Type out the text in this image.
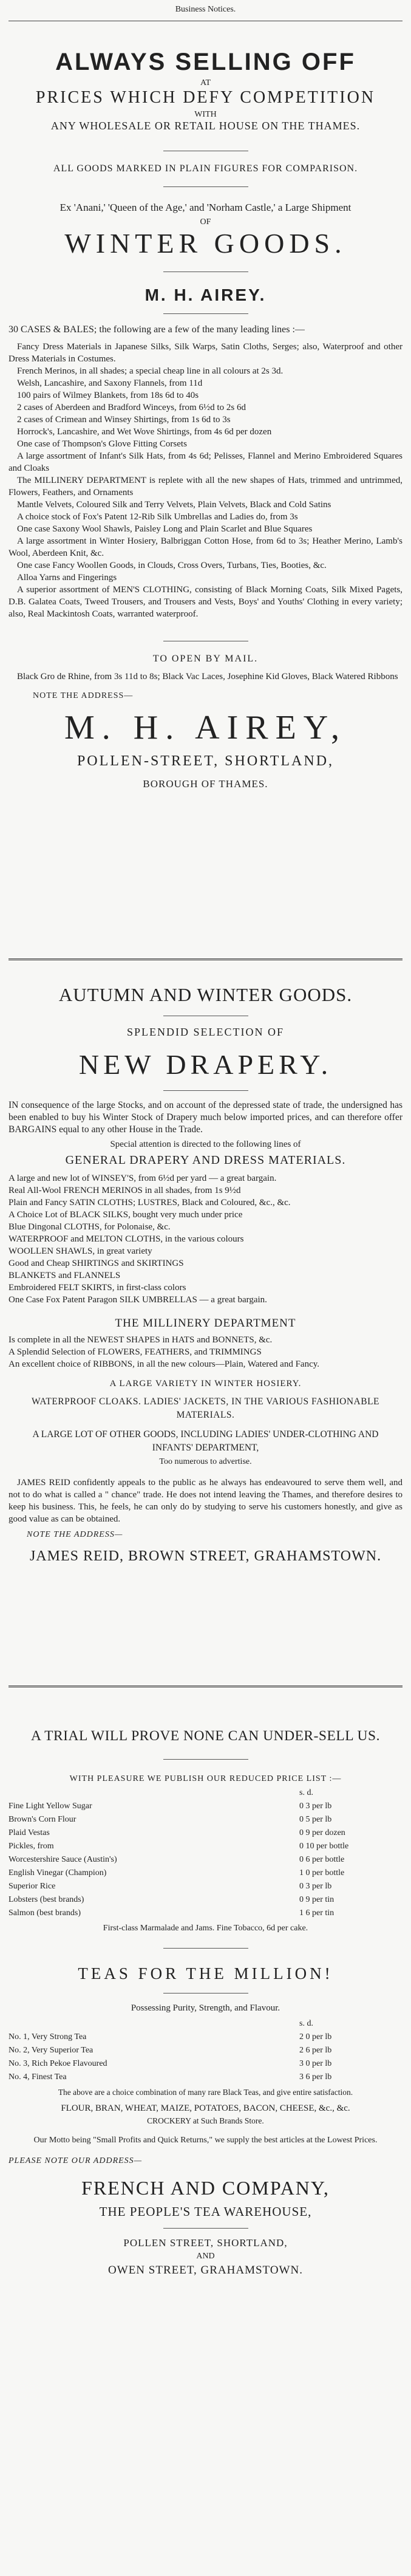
Business Notices.
ALWAYS SELLING OFF
AT
PRICES WHICH DEFY COMPETITION
WITH
ANY WHOLESALE OR RETAIL HOUSE ON THE THAMES.
ALL GOODS MARKED IN PLAIN FIGURES FOR COMPARISON.
Ex 'Anani,' 'Queen of the Age,' and 'Norham Castle,' a Large Shipment
OF
WINTER GOODS.
M. H. AIREY.
30 CASES & BALES; the following are a few of the many leading lines :—
Fancy Dress Materials in Japanese Silks, Silk Warps, Satin Cloths, Serges; also, Waterproof and other Dress Materials in Costumes.
French Merinos, in all shades; a special cheap line in all colours at 2s 3d.
Welsh, Lancashire, and Saxony Flannels, from 11d
100 pairs of Wilmey Blankets, from 18s 6d to 40s
2 cases of Aberdeen and Bradford Winceys, from 6½d to 2s 6d
2 cases of Crimean and Winsey Shirtings, from 1s 6d to 3s
Horrock's, Lancashire, and Wet Wove Shirtings, from 4s 6d per dozen
One case of Thompson's Glove Fitting Corsets
A large assortment of Infant's Silk Hats, from 4s 6d; Pelisses, Flannel and Merino Embroidered Squares and Cloaks
The MILLINERY DEPARTMENT is replete with all the new shapes of Hats, trimmed and untrimmed, Flowers, Feathers, and Ornaments
Mantle Velvets, Coloured Silk and Terry Velvets, Plain Velvets, Black and Cold Satins
A choice stock of Fox's Patent 12-Rib Silk Umbrellas and Ladies do, from 3s
One case Saxony Wool Shawls, Paisley Long and Plain Scarlet and Blue Squares
A large assortment in Winter Hosiery, Balbriggan Cotton Hose, from 6d to 3s; Heather Merino, Lamb's Wool, Aberdeen Knit, &c.
One case Fancy Woollen Goods, in Clouds, Cross Overs, Turbans, Ties, Booties, &c.
Alloa Yarns and Fingerings
A superior assortment of MEN'S CLOTHING, consisting of Black Morning Coats, Silk Mixed Pagets, D.B. Galatea Coats, Tweed Trousers, and Trousers and Vests, Boys' and Youths' Clothing in every variety; also, Real Mackintosh Coats, warranted waterproof.
TO OPEN BY MAIL.
Black Gro de Rhine, from 3s 11d to 8s; Black Vac Laces, Josephine Kid Gloves, Black Watered Ribbons
NOTE THE ADDRESS—
M. H. AIREY,
POLLEN-STREET, SHORTLAND,
BOROUGH OF THAMES.
AUTUMN AND WINTER GOODS.
SPLENDID SELECTION OF
NEW DRAPERY.
IN consequence of the large Stocks, and on account of the depressed state of trade, the undersigned has been enabled to buy his Winter Stock of Drapery much below imported prices, and can therefore offer BARGAINS equal to any other House in the Trade.
Special attention is directed to the following lines of
GENERAL DRAPERY AND DRESS MATERIALS.
A large and new lot of WINSEY'S, from 6½d per yard — a great bargain.
Real All-Wool FRENCH MERINOS in all shades, from 1s 9½d
Plain and Fancy SATIN CLOTHS; LUSTRES, Black and Coloured, &c., &c.
A Choice Lot of BLACK SILKS, bought very much under price
Blue Dingonal CLOTHS, for Polonaise, &c.
WATERPROOF and MELTON CLOTHS, in the various colours
WOOLLEN SHAWLS, in great variety
Good and Cheap SHIRTINGS and SKIRTINGS
BLANKETS and FLANNELS
Embroidered FELT SKIRTS, in first-class colors
One Case Fox Patent Paragon SILK UMBRELLAS — a great bargain.
THE MILLINERY DEPARTMENT
Is complete in all the NEWEST SHAPES in HATS and BONNETS, &c.
A Splendid Selection of FLOWERS, FEATHERS, and TRIMMINGS
An excellent choice of RIBBONS, in all the new colours—Plain, Watered and Fancy.
A LARGE VARIETY IN WINTER HOSIERY.
WATERPROOF CLOAKS. LADIES' JACKETS, IN THE VARIOUS FASHIONABLE MATERIALS.
A LARGE LOT OF OTHER GOODS, INCLUDING LADIES' UNDER-CLOTHING AND INFANTS' DEPARTMENT,
Too numerous to advertise.
JAMES REID confidently appeals to the public as he always has endeavoured to serve them well, and not to do what is called a " chance" trade. He does not intend leaving the Thames, and therefore desires to keep his business. This, he feels, he can only do by studying to serve his customers honestly, and give as good value as can be obtained.
NOTE THE ADDRESS—
JAMES REID, BROWN STREET, GRAHAMSTOWN.
A TRIAL WILL PROVE NONE CAN UNDER-SELL US.
WITH PLEASURE WE PUBLISH OUR REDUCED PRICE LIST :—
s. d.
Fine Light Yellow Sugar	0 3 per lb
Brown's Corn Flour	0 5 per lb
Plaid Vestas	0 9 per dozen
Pickles, from	0 10 per bottle
Worcestershire Sauce (Austin's)	0 6 per bottle
English Vinegar (Champion)	1 0 per bottle
Superior Rice	0 3 per lb
Lobsters (best brands)	0 9 per tin
Salmon (best brands)	1 6 per tin
First-class Marmalade and Jams. Fine Tobacco, 6d per cake.
TEAS FOR THE MILLION!
Possessing Purity, Strength, and Flavour.
s. d.
No. 1, Very Strong Tea	2 0 per lb
No. 2, Very Superior Tea	2 6 per lb
No. 3, Rich Pekoe Flavoured	3 0 per lb
No. 4, Finest Tea	3 6 per lb
The above are a choice combination of many rare Black Teas, and give entire satisfaction.
FLOUR, BRAN, WHEAT, MAIZE, POTATOES, BACON, CHEESE, &c., &c.
CROCKERY at Such Brands Store.
Our Motto being "Small Profits and Quick Returns," we supply the best articles at the Lowest Prices.
PLEASE NOTE OUR ADDRESS—
FRENCH AND COMPANY,
THE PEOPLE'S TEA WAREHOUSE,
POLLEN STREET, SHORTLAND,
AND
OWEN STREET, GRAHAMSTOWN.
